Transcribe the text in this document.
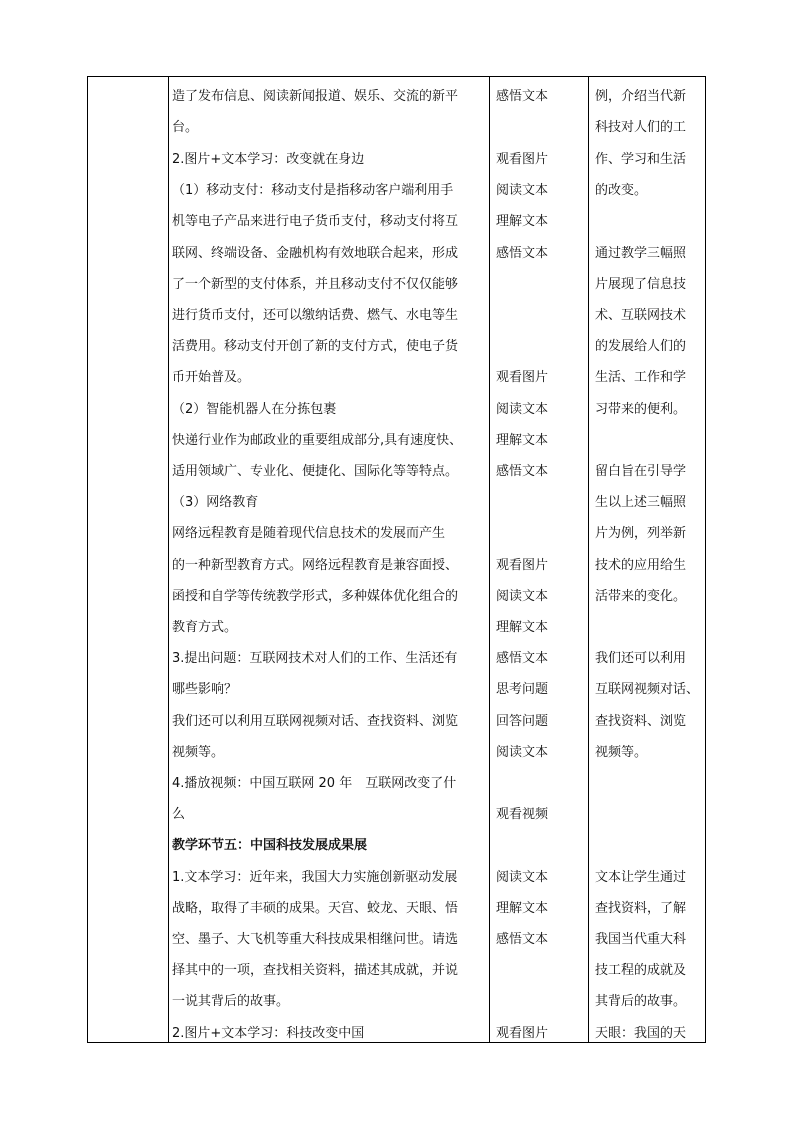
造了发布信息、阅读新闻报道、娱乐、交流的新平
台。
2.图片+文本学习：改变就在身边
（1）移动支付：移动支付是指移动客户端利用手
机等电子产品来进行电子货币支付，移动支付将互
联网、终端设备、金融机构有效地联合起来，形成
了一个新型的支付体系，并且移动支付不仅仅能够
进行货币支付，还可以缴纳话费、燃气、水电等生
活费用。移动支付开创了新的支付方式，使电子货
币开始普及。
（2）智能机器人在分拣包裹
快递行业作为邮政业的重要组成部分,具有速度快、
适用领域广、专业化、便捷化、国际化等等特点。
（3）网络教育
网络远程教育是随着现代信息技术的发展而产生
的一种新型教育方式。网络远程教育是兼容面授、
函授和自学等传统教学形式，多种媒体优化组合的
教育方式。
3.提出问题：互联网技术对人们的工作、生活还有
哪些影响？
我们还可以利用互联网视频对话、查找资料、浏览
视频等。
4.播放视频：中国互联网 20 年　互联网改变了什
么
教学环节五：中国科技发展成果展
1.文本学习：近年来，我国大力实施创新驱动发展
战略，取得了丰硕的成果。天宫、蛟龙、天眼、悟
空、墨子、大飞机等重大科技成果相继问世。请选
择其中的一项，查找相关资料，描述其成就，并说
一说其背后的故事。
2.图片+文本学习：科技改变中国
感悟文本
观看图片
阅读文本
理解文本
感悟文本
观看图片
阅读文本
理解文本
感悟文本
观看图片
阅读文本
理解文本
感悟文本
思考问题
回答问题
阅读文本
观看视频
阅读文本
理解文本
感悟文本
观看图片
例，介绍当代新
科技对人们的工
作、学习和生活
的改变。
通过教学三幅照
片展现了信息技
术、互联网技术
的发展给人们的
生活、工作和学
习带来的便利。
留白旨在引导学
生以上述三幅照
片为例，列举新
技术的应用给生
活带来的变化。
我们还可以利用
互联网视频对话、
查找资料、浏览
视频等。
文本让学生通过
查找资料，了解
我国当代重大科
技工程的成就及
其背后的故事。
天眼：我国的天
